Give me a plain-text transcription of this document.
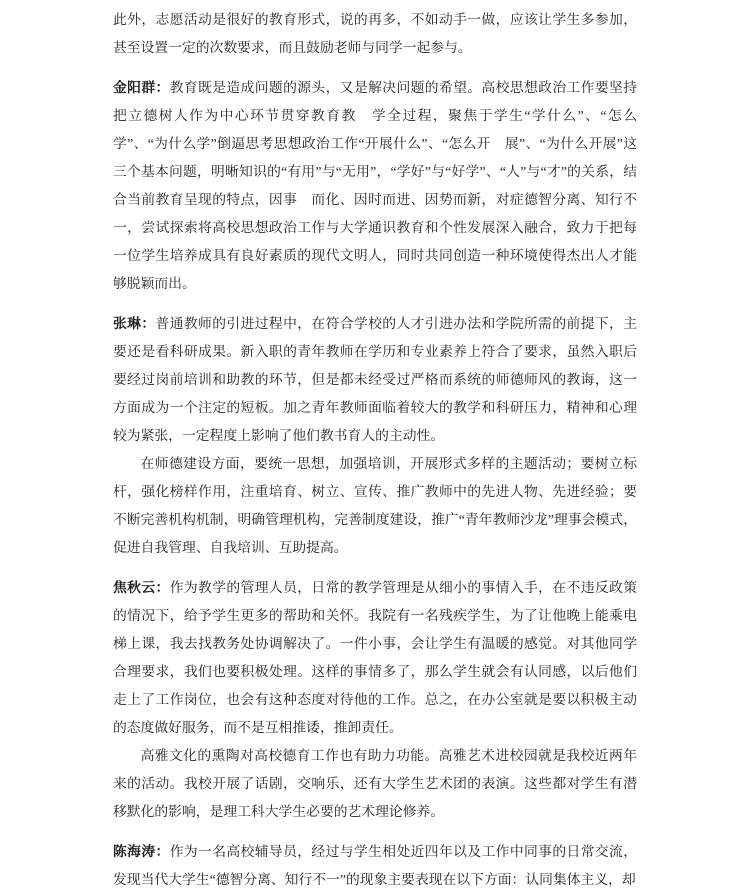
此外，志愿活动是很好的教育形式，说的再多，不如动手一做，应该让学生多参加，甚至设置一定的次数要求，而且鼓励老师与同学一起参与。

金阳群：教育既是造成问题的源头，又是解决问题的希望。高校思想政治工作要坚持把立德树人作为中心环节贯穿教育教　学全过程，聚焦于学生“学什么”、“怎么学”、“为什么学”倒逼思考思想政治工作“开展什么”、“怎么开　展”、“为什么开展”这三个基本问题，明晰知识的“有用”与“无用”，“学好”与“好学”、“人”与“才”的关系，结合当前教育呈现的特点，因事　而化、因时而进、因势而新，对症德智分离、知行不一，尝试探索将高校思想政治工作与大学通识教育和个性发展深入融合，致力于把每一位学生培养成具有良好素质的现代文明人，同时共同创造一种环境使得杰出人才能够脱颖而出。

张琳：普通教师的引进过程中，在符合学校的人才引进办法和学院所需的前提下，主要还是看科研成果。新入职的青年教师在学历和专业素养上符合了要求，虽然入职后要经过岗前培训和助教的环节，但是都未经受过严格而系统的师德师风的教诲，这一方面成为一个注定的短板。加之青年教师面临着较大的教学和科研压力，精神和心理较为紧张，一定程度上影响了他们教书育人的主动性。

在师德建设方面，要统一思想，加强培训，开展形式多样的主题活动；要树立标杆，强化榜样作用，注重培育、树立、宣传、推广教师中的先进人物、先进经验；要不断完善机构机制，明确管理机构，完善制度建设，推广“青年教师沙龙”理事会模式，促进自我管理、自我培训、互助提高。

焦秋云：作为教学的管理人员，日常的教学管理是从细小的事情入手，在不违反政策的情况下，给予学生更多的帮助和关怀。我院有一名残疾学生，为了让他晚上能乘电梯上课，我去找教务处协调解决了。一件小事，会让学生有温暖的感觉。对其他同学合理要求，我们也要积极处理。这样的事情多了，那么学生就会有认同感，以后他们走上了工作岗位，也会有这种态度对待他的工作。总之，在办公室就是要以积极主动的态度做好服务，而不是互相推诿，推卸责任。

高雅文化的熏陶对高校德育工作也有助力功能。高雅艺术进校园就是我校近两年来的活动。我校开展了话剧，交响乐，还有大学生艺术团的表演。这些都对学生有潜移默化的影响，是理工科大学生必要的艺术理论修养。

陈海涛：作为一名高校辅导员，经过与学生相处近四年以及工作中同事的日常交流，发现当代大学生“德智分离、知行不一”的现象主要表现在以下方面：认同集体主义，却
